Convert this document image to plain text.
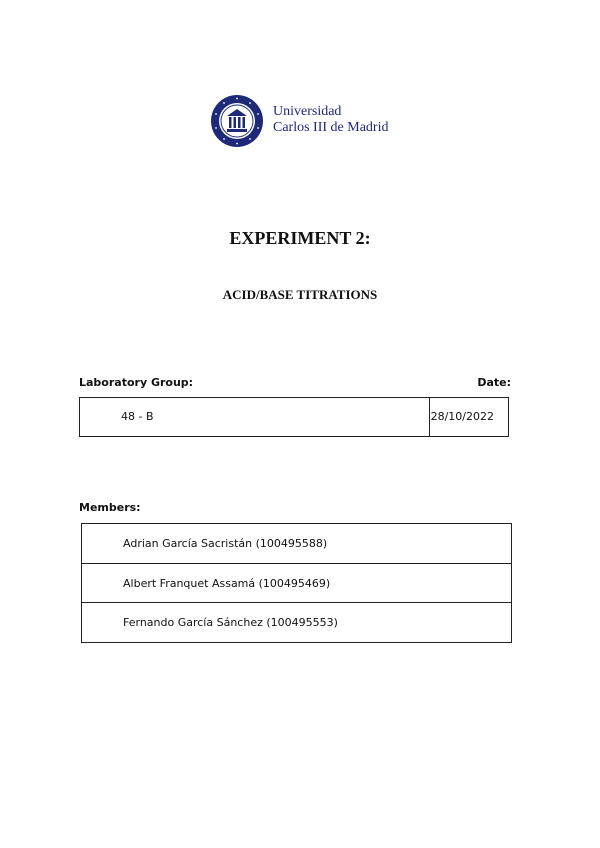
Universidad
Carlos III de Madrid
EXPERIMENT 2:
ACID/BASE TITRATIONS
Laboratory Group:	Date:
48 - B	28/10/2022
Members:
Adrian García Sacristán (100495588)
Albert Franquet Assamá (100495469)
Fernando García Sánchez (100495553)
